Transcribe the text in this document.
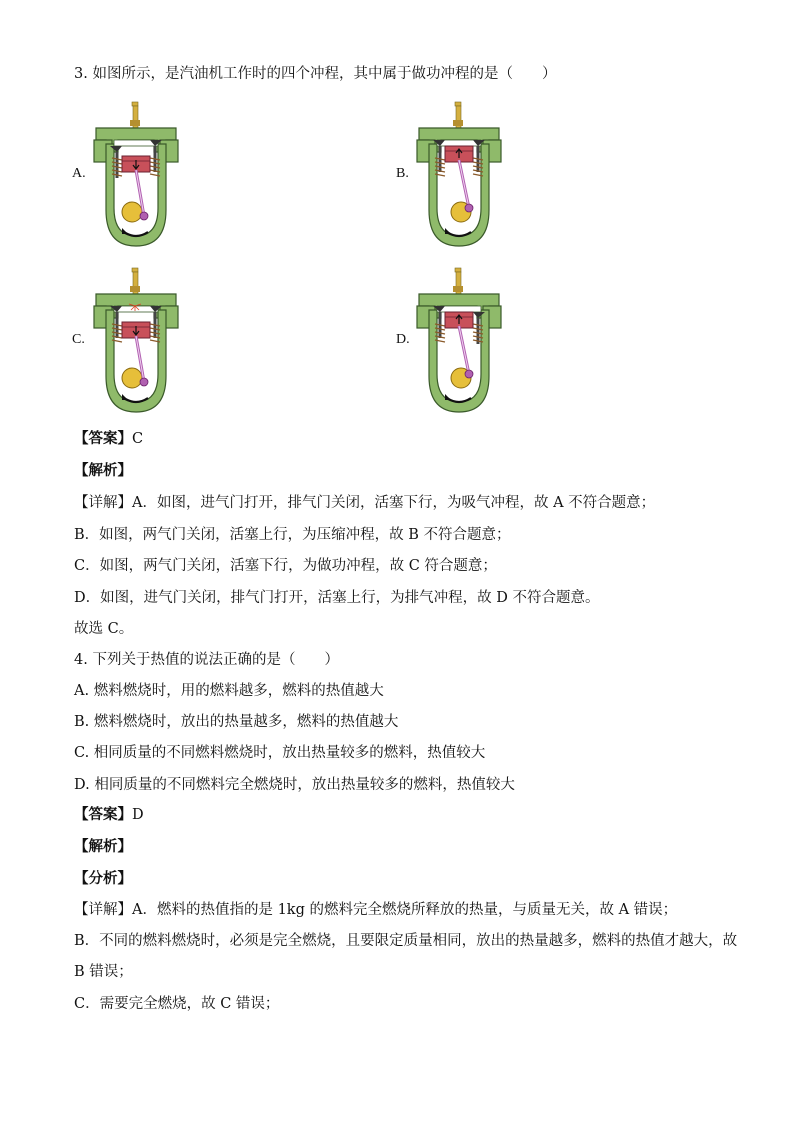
3. 如图所示，是汽油机工作时的四个冲程，其中属于做功冲程的是（　　）
A.	B.
C.	D.
【答案】C
【解析】
【详解】A．如图，进气门打开，排气门关闭，活塞下行，为吸气冲程，故 A 不符合题意；
B．如图，两气门关闭，活塞上行，为压缩冲程，故 B 不符合题意；
C．如图，两气门关闭，活塞下行，为做功冲程，故 C 符合题意；
D．如图，进气门关闭，排气门打开，活塞上行，为排气冲程，故 D 不符合题意。
故选 C。
4. 下列关于热值的说法正确的是（　　）
A. 燃料燃烧时，用的燃料越多，燃料的热值越大
B. 燃料燃烧时，放出的热量越多，燃料的热值越大
C. 相同质量的不同燃料燃烧时，放出热量较多的燃料，热值较大
D. 相同质量的不同燃料完全燃烧时，放出热量较多的燃料，热值较大
【答案】D
【解析】
【分析】
【详解】A．燃料的热值指的是 1kg 的燃料完全燃烧所释放的热量，与质量无关，故 A 错误；
B．不同的燃料燃烧时，必须是完全燃烧，且要限定质量相同，放出的热量越多，燃料的热值才越大，故
B 错误；
C．需要完全燃烧，故 C 错误；
